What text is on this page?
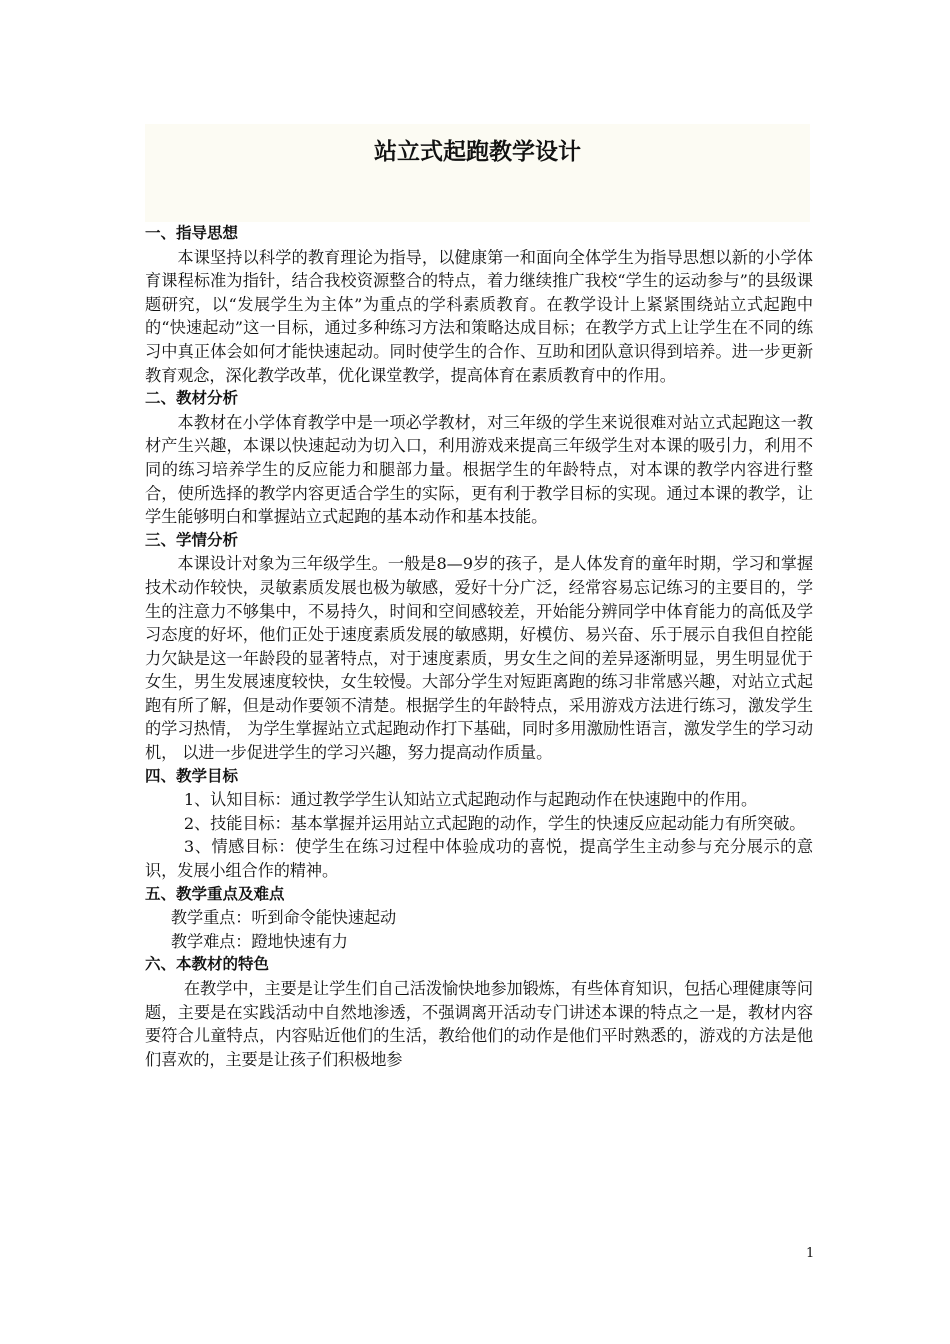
站立式起跑教学设计

一、指导思想

本课坚持以科学的教育理论为指导，以健康第一和面向全体学生为指导思想以新的小学体育课程标准为指针，结合我校资源整合的特点，着力继续推广我校“学生的运动参与”的县级课题研究，以“发展学生为主体”为重点的学科素质教育。在教学设计上紧紧围绕站立式起跑中的“快速起动”这一目标，通过多种练习方法和策略达成目标；在教学方式上让学生在不同的练习中真正体会如何才能快速起动。同时使学生的合作、互助和团队意识得到培养。进一步更新教育观念，深化教学改革，优化课堂教学，提高体育在素质教育中的作用。

二、教材分析

本教材在小学体育教学中是一项必学教材，对三年级的学生来说很难对站立式起跑这一教材产生兴趣，本课以快速起动为切入口，利用游戏来提高三年级学生对本课的吸引力，利用不同的练习培养学生的反应能力和腿部力量。根据学生的年龄特点，对本课的教学内容进行整合，使所选择的教学内容更适合学生的实际，更有利于教学目标的实现。通过本课的教学，让学生能够明白和掌握站立式起跑的基本动作和基本技能。

三、学情分析

本课设计对象为三年级学生。一般是8—9岁的孩子，是人体发育的童年时期，学习和掌握技术动作较快，灵敏素质发展也极为敏感，爱好十分广泛，经常容易忘记练习的主要目的，学生的注意力不够集中，不易持久，时间和空间感较差，开始能分辨同学中体育能力的高低及学习态度的好坏，他们正处于速度素质发展的敏感期，好模仿、易兴奋、乐于展示自我但自控能力欠缺是这一年龄段的显著特点，对于速度素质，男女生之间的差异逐渐明显，男生明显优于女生，男生发展速度较快，女生较慢。大部分学生对短距离跑的练习非常感兴趣，对站立式起跑有所了解，但是动作要领不清楚。根据学生的年龄特点，采用游戏方法进行练习，激发学生的学习热情， 为学生掌握站立式起跑动作打下基础，同时多用激励性语言，激发学生的学习动机， 以进一步促进学生的学习兴趣，努力提高动作质量。

四、教学目标

1、认知目标：通过教学学生认知站立式起跑动作与起跑动作在快速跑中的作用。

2、技能目标：基本掌握并运用站立式起跑的动作，学生的快速反应起动能力有所突破。

3、情感目标：使学生在练习过程中体验成功的喜悦，提高学生主动参与充分展示的意识，发展小组合作的精神。

五、教学重点及难点

教学重点：听到命令能快速起动

教学难点：蹬地快速有力

六、本教材的特色

在教学中，主要是让学生们自己活泼愉快地参加锻炼，有些体育知识，包括心理健康等问题，主要是在实践活动中自然地渗透，不强调离开活动专门讲述本课的特点之一是，教材内容要符合儿童特点，内容贴近他们的生活，教给他们的动作是他们平时熟悉的，游戏的方法是他们喜欢的，主要是让孩子们积极地参

1
